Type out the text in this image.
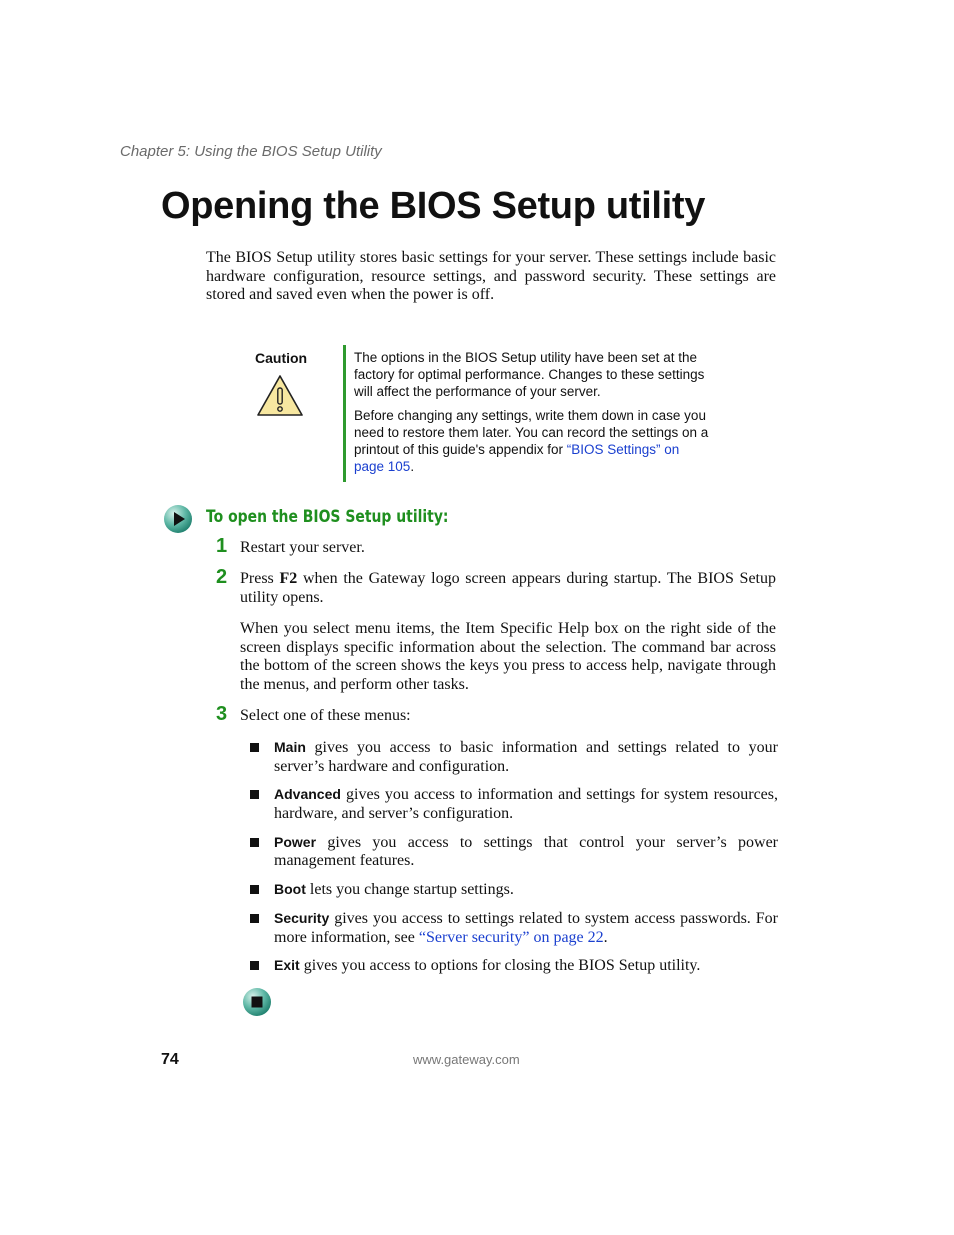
Chapter 5: Using the BIOS Setup Utility
Opening the BIOS Setup utility
The BIOS Setup utility stores basic settings for your server. These settings include basic hardware configuration, resource settings, and password security. These settings are stored and saved even when the power is off.
Caution	The options in the BIOS Setup utility have been set at the factory for optimal performance. Changes to these settings will affect the performance of your server.

Before changing any settings, write them down in case you need to restore them later. You can record the settings on a printout of this guide's appendix for “BIOS Settings” on page 105.

To open the BIOS Setup utility:
1 Restart your server.
2 Press F2 when the Gateway logo screen appears during startup. The BIOS Setup utility opens.
When you select menu items, the Item Specific Help box on the right side of the screen displays specific information about the selection. The command bar across the bottom of the screen shows the keys you press to access help, navigate through the menus, and perform other tasks.
3 Select one of these menus:
Main gives you access to basic information and settings related to your server’s hardware and configuration.
Advanced gives you access to information and settings for system resources, hardware, and server’s configuration.
Power gives you access to settings that control your server’s power management features.
Boot lets you change startup settings.
Security gives you access to settings related to system access passwords. For more information, see “Server security” on page 22.
Exit gives you access to options for closing the BIOS Setup utility.
74	www.gateway.com
